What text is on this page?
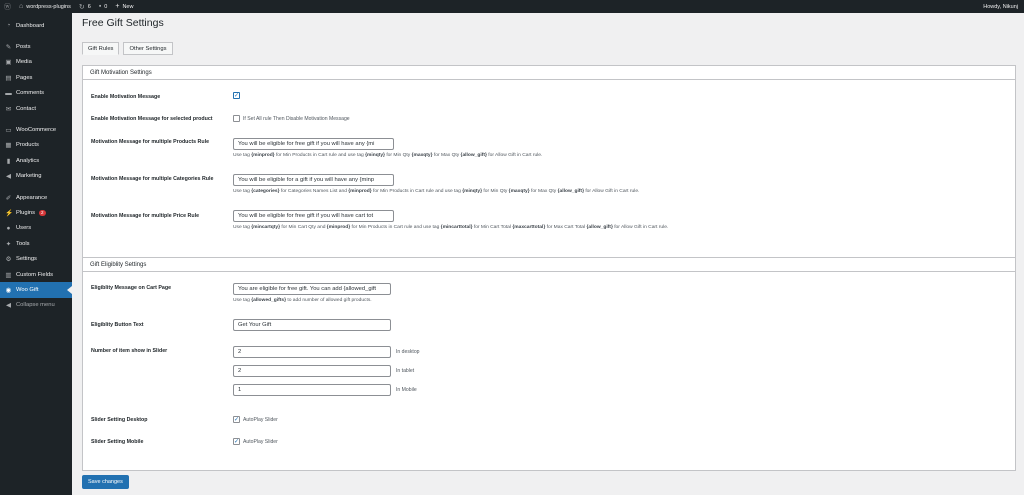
ⓦ ⌂ wordpress-plugins ↻ 6 ▪ 0 + New	Howdy, Nikunj
◔ Dashboard
✎ Posts
▣ Media
▤ Pages
▬ Comments
✉ Contact
▭ WooCommerce
▦ Products
▮ Analytics
◀ Marketing
✐ Appearance
⚡ Plugins	2
● Users
✦ Tools
⚙ Settings
▥ Custom Fields
◉ Woo Gift
◀ Collapse menu
Free Gift Settings
Gift Rules	Other Settings
Gift Motivation Settings
Enable Motivation Message	✓
Enable Motivation Message for selected product	If Set All rule Then Disable Motivation Message
Motivation Message for multiple Products Rule	You will be eligible for free gift if you will have any {mi
Use tag {minprod} for Min Products in Cart rule and use tag {minqty} for Min Qty {maxqty} for Max Qty {allow_gift} for Allow Gift in Cart rule.
Motivation Message for multiple Categories Rule	You will be eligible for a gift if you will have any {minp
Use tag {categories} for Categories Names List and {minprod} for Min Products in Cart rule and use tag {minqty} for Min Qty {maxqty} for Max Qty {allow_gift} for Allow Gift in Cart rule.
Motivation Message for multiple Price Rule	You will be eligible for free gift if you will have cart tot
Use tag {mincartqty} for Min Cart Qty and {minprod} for Min Products in Cart rule and use tag {mincarttotal} for Min Cart Total {maxcarttotal} for Max Cart Total {allow_gift} for Allow Gift in Cart rule.
Gift Eligiblity Settings
Eligiblity Message on Cart Page	You are eligible for free gift. You can add {allowed_gift
Use tag {allowed_gifts} to add number of allowed gift products.
Eligiblity Button Text	Get Your Gift
Number of item show in Slider	2	In desktop
2	In tablet
1	In Mobile
Slider Setting Desktop	✓ AutoPlay Slider
Slider Setting Mobile	✓ AutoPlay Slider
Save changes
